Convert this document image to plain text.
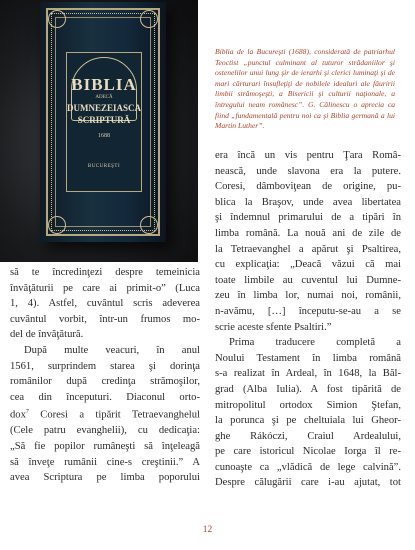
BIBLIA
ADECĂ
DUMNEZEIASCA
SCRIPTURĂ
1688
BUCUREŞTI

Biblia de la Bucureşti (1688), considerată de patriarhul Teoctist „punctul culminant al tuturor strădaniilor şi ostenelilor unui lung şir de ierarhi şi clerici luminaţi şi de mari cărturari însufleţiţi de nobilele idealuri ale făuririi limbii strămoşeşti, a Bisericii şi culturii naţionale, a întregului neam românesc”. G. Călinescu o aprecia ca fiind „fundamentală pentru noi ca şi Biblia germană a lui Martin Luther”.

să te încredinţezi despre temeinicia
învăţăturii pe care ai primit-o” (Luca
1, 4). Astfel, cuvântul scris adeverea
cuvântul vorbit, într-un frumos mo-
del de învăţătură.
După multe veacuri, în anul
1561, surprindem starea şi dorinţa
românilor după credinţa strămoşilor,
cea din începuturi. Diaconul orto-
dox$^7$ Coresi a tipărit Tetraevanghelul
(Cele patru evanghelii), cu dedicaţia:
„Să fie popilor rumâneşti să înţeleagă
să înveţe rumânii cine-s creştinii.” A
avea Scriptura pe limba poporului
era încă un vis pentru Ţara Româ-
nească, unde slavona era la putere.
Coresi, dâmboviţean de origine, pu-
blica la Braşov, unde avea libertatea
şi îndemnul primarului de a tipări în
limba română. La nouă ani de zile de
la Tetraevanghel a apărut şi Psaltirea,
cu explicaţia: „Deacă văzui că mai
toate limbile au cuventul lui Dumne-
zeu în limba lor, numai noi, românii,
n-avămu, […] începutu-se-au a se
scrie aceste sfente Psaltiri.”
Prima traducere completă a
Noului Testament în limba română
s-a realizat în Ardeal, în 1648, la Băl-
grad (Alba Iulia). A fost tipărită de
mitropolitul ortodox Simion Ştefan,
la porunca şi pe cheltuiala lui Gheor-
ghe Rákóczi, Craiul Ardealului,
pe care istoricul Nicolae Iorga îl re-
cunoaşte ca „vlădică de lege calvină”.
Despre călugării care i-au ajutat, tot
12
